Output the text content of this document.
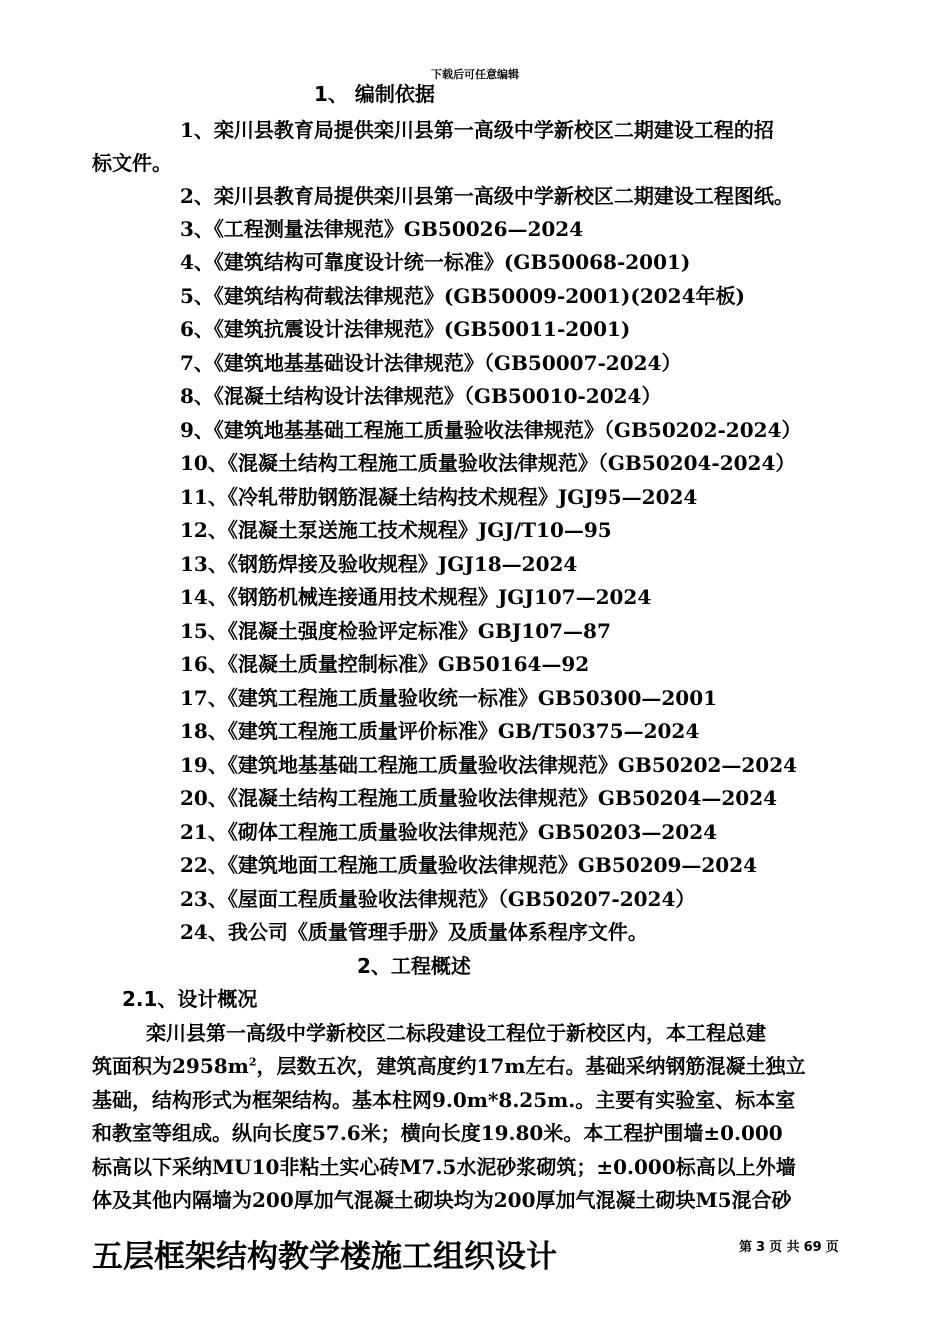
下载后可任意编辑
1、 编制依据
1、栾川县教育局提供栾川县第一高级中学新校区二期建设工程的招
标文件。
2、栾川县教育局提供栾川县第一高级中学新校区二期建设工程图纸。
3、《工程测量法律规范》GB50026—2024
4、《建筑结构可靠度设计统一标准》(GB50068-2001)
5、《建筑结构荷载法律规范》(GB50009-2001)(2024年板)
6、《建筑抗震设计法律规范》(GB50011-2001)
7、《建筑地基基础设计法律规范》（GB50007-2024）
8、《混凝土结构设计法律规范》（GB50010-2024）
9、《建筑地基基础工程施工质量验收法律规范》（GB50202-2024）
10、《混凝土结构工程施工质量验收法律规范》（GB50204-2024）
11、《冷轧带肋钢筋混凝土结构技术规程》JGJ95—2024
12、《混凝土泵送施工技术规程》JGJ/T10—95
13、《钢筋焊接及验收规程》JGJ18—2024
14、《钢筋机械连接通用技术规程》JGJ107—2024
15、《混凝土强度检验评定标准》GBJ107—87
16、《混凝土质量控制标准》GB50164—92
17、《建筑工程施工质量验收统一标准》GB50300—2001
18、《建筑工程施工质量评价标准》GB/T50375—2024
19、《建筑地基基础工程施工质量验收法律规范》GB50202—2024
20、《混凝土结构工程施工质量验收法律规范》GB50204—2024
21、《砌体工程施工质量验收法律规范》GB50203—2024
22、《建筑地面工程施工质量验收法律规范》GB50209—2024
23、《屋面工程质量验收法律规范》（GB50207-2024）
24、我公司《质量管理手册》及质量体系程序文件。
2、工程概述
2.1、设计概况
栾川县第一高级中学新校区二标段建设工程位于新校区内，本工程总建
筑面积为$2958m^2$，层数五次，建筑高度约17m左右。基础采纳钢筋混凝土独立
基础，结构形式为框架结构。基本柱网9.0m*8.25m.。主要有实验室、标本室
和教室等组成。纵向长度57.6米；横向长度19.80米。本工程护围墙±0.000
标高以下采纳MU10非粘土实心砖M7.5水泥砂浆砌筑；±0.000标高以上外墙
体及其他内隔墙为200厚加气混凝土砌块均为200厚加气混凝土砌块M5混合砂
五层框架结构教学楼施工组织设计	第 3 页 共 69 页
